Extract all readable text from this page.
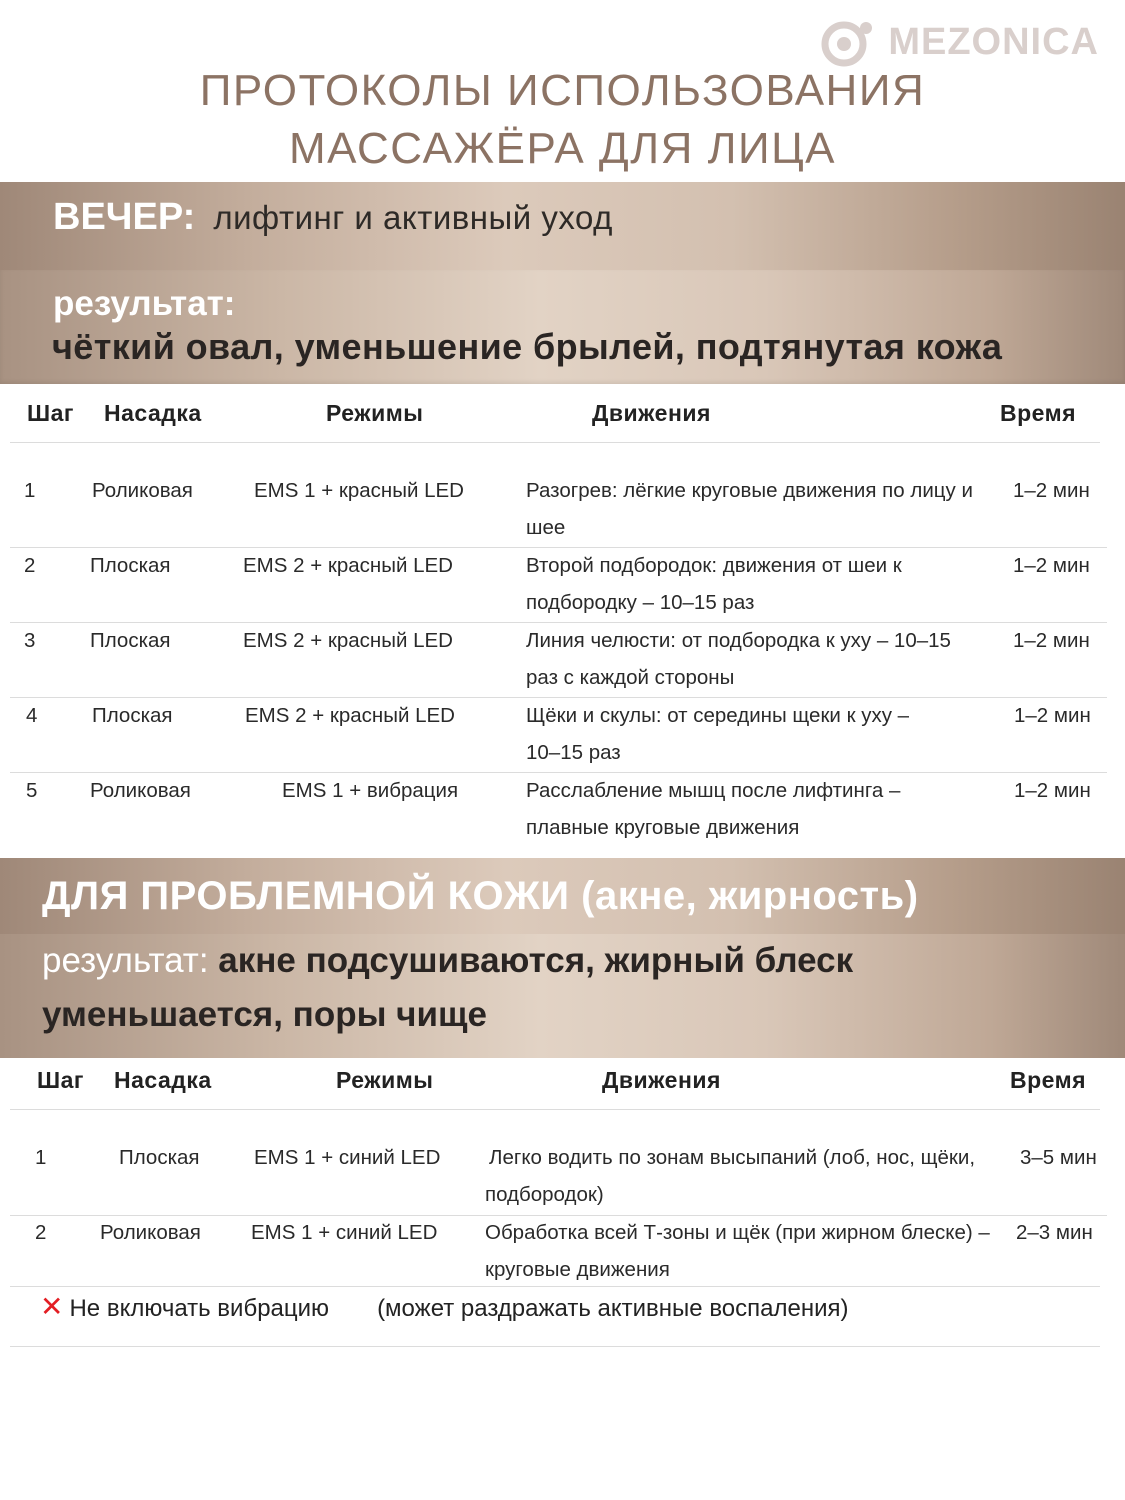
MEZONICA
ПРОТОКОЛЫ ИСПОЛЬЗОВАНИЯ
МАССАЖЁРА ДЛЯ ЛИЦА
ВЕЧЕР: лифтинг и активный уход
результат:
чёткий овал, уменьшение брылей, подтянутая кожа
Шаг Насадка	Режимы	Движения	Время
1	Роликовая	EMS 1 + красный LED	Разогрев: лёгкие круговые движения по лицу и шее
1–2 мин
2	Плоская	EMS 2 + красный LED	Второй подбородок: движения от шеи к подбородку – 10–15 раз
1–2 мин
3	Плоская	EMS 2 + красный LED	Линия челюсти: от подбородка к уху – 10–15 раз с каждой стороны
1–2 мин
4	Плоская	EMS 2 + красный LED	Щёки и скулы: от середины щеки к уху – 10–15 раз
1–2 мин
5	Роликовая	EMS 1 + вибрация	Расслабление мышц после лифтинга – плавные круговые движения
1–2 мин
ДЛЯ ПРОБЛЕМНОЙ КОЖИ (акне, жирность)
результат: акне подсушиваются, жирный блеск уменьшается, поры чище
Шаг Насадка	Режимы	Движения	Время
1	Плоская	EMS 1 + синий LED Легко водить по зонам высыпаний (лоб, нос, щёки, подбородок)
3–5 мин
2	Роликовая EMS 1 + синий LED Обработка всей Т-зоны и щёк (при жирном блеске) – круговые движения
2–3 мин
✕ Не включать вибрацию (может раздражать активные воспаления)
